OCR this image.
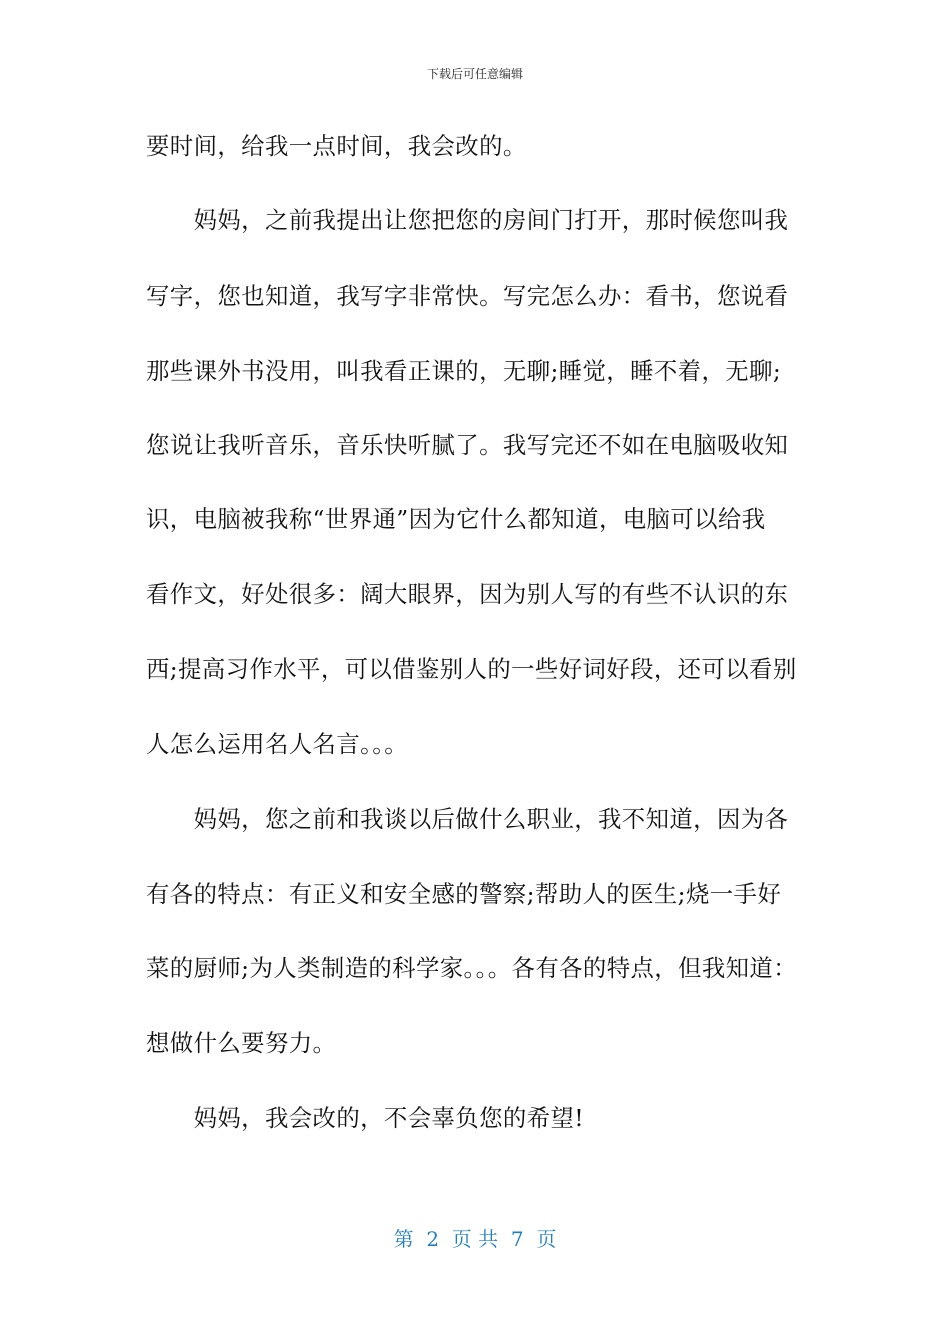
下载后可任意编辑
要时间，给我一点时间，我会改的。
　　妈妈，之前我提出让您把您的房间门打开，那时候您叫我
写字，您也知道，我写字非常快。写完怎么办：看书，您说看
那些课外书没用，叫我看正课的，无聊;睡觉，睡不着，无聊;
您说让我听音乐，音乐快听腻了。我写完还不如在电脑吸收知
识，电脑被我称“世界通”因为它什么都知道，电脑可以给我
看作文，好处很多：阔大眼界，因为别人写的有些不认识的东
西;提高习作水平，可以借鉴别人的一些好词好段，还可以看别
人怎么运用名人名言。。。
　　妈妈，您之前和我谈以后做什么职业，我不知道，因为各
有各的特点：有正义和安全感的警察;帮助人的医生;烧一手好
菜的厨师;为人类制造的科学家。。。各有各的特点，但我知道：
想做什么要努力。
　　妈妈，我会改的，不会辜负您的希望!
第  2  页 共  7  页
